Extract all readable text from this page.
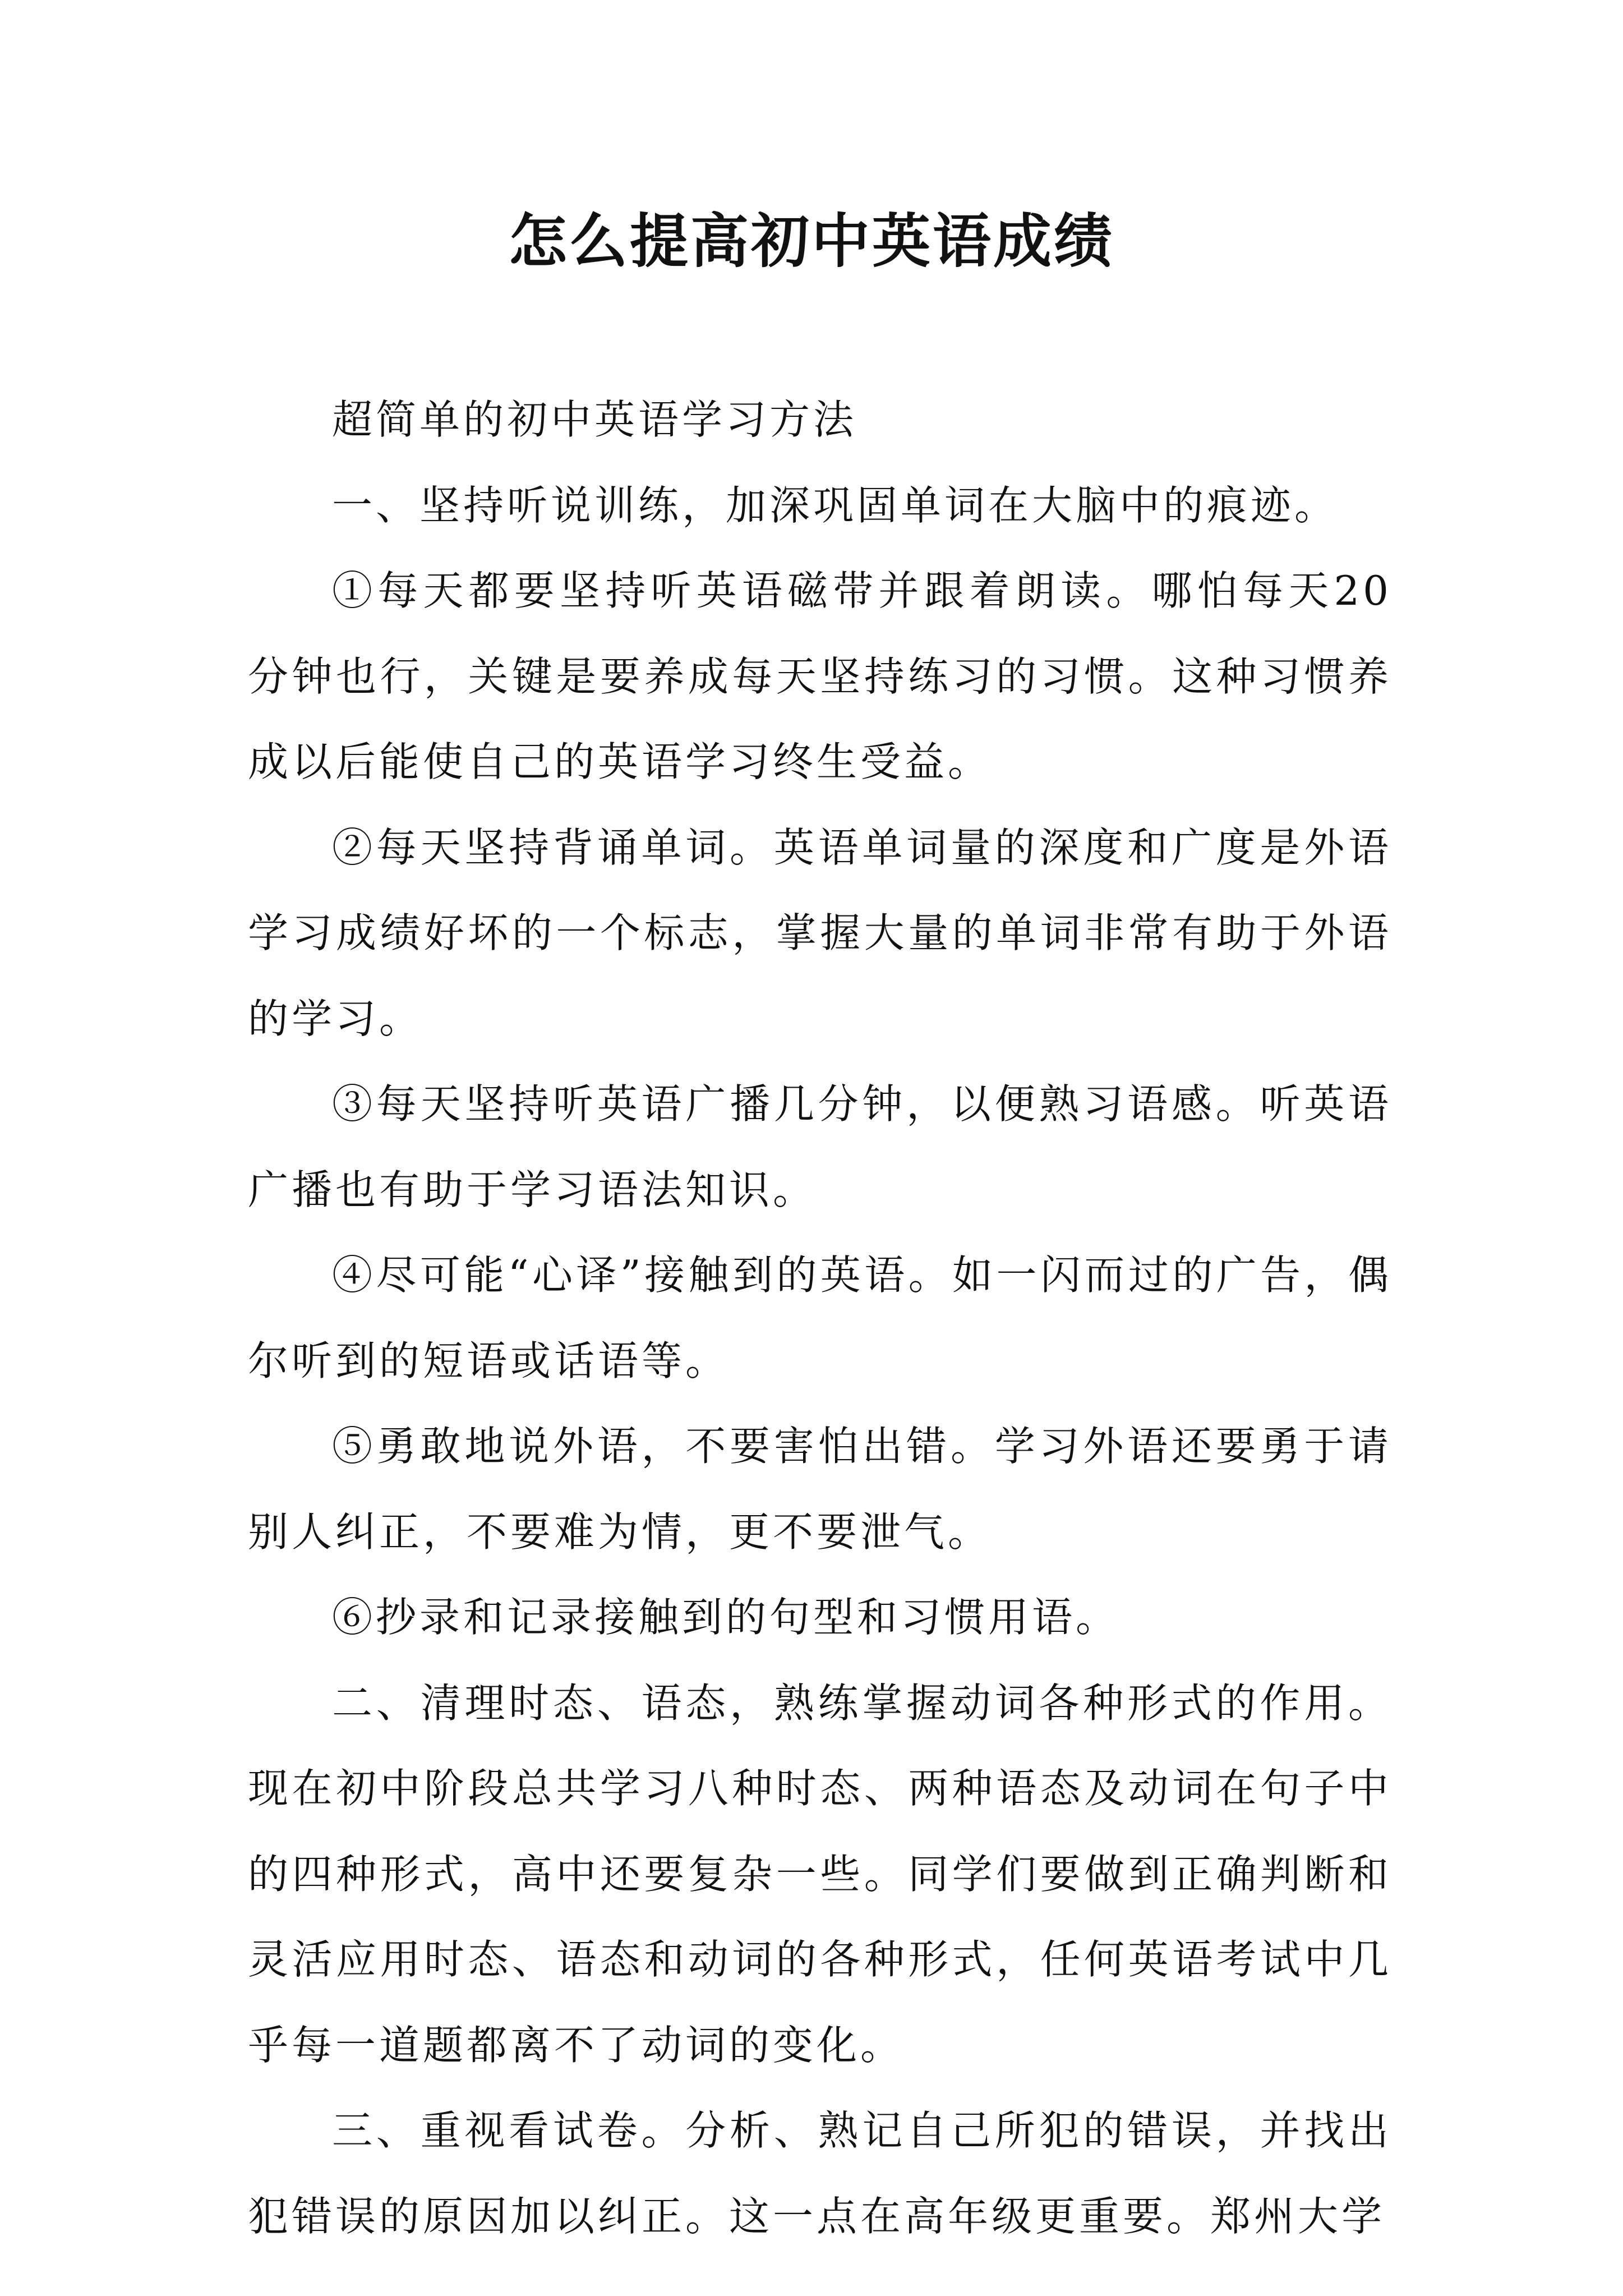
怎么提高初中英语成绩

超简单的初中英语学习方法

一、坚持听说训练，加深巩固单词在大脑中的痕迹。

①每天都要坚持听英语磁带并跟着朗读。哪怕每天20分钟也行，关键是要养成每天坚持练习的习惯。这种习惯养成以后能使自己的英语学习终生受益。

②每天坚持背诵单词。英语单词量的深度和广度是外语学习成绩好坏的一个标志，掌握大量的单词非常有助于外语的学习。

③每天坚持听英语广播几分钟，以便熟习语感。听英语广播也有助于学习语法知识。

④尽可能“心译”接触到的英语。如一闪而过的广告，偶尔听到的短语或话语等。

⑤勇敢地说外语，不要害怕出错。学习外语还要勇于请别人纠正，不要难为情，更不要泄气。

⑥抄录和记录接触到的句型和习惯用语。

二、清理时态、语态，熟练掌握动词各种形式的作用。现在初中阶段总共学习八种时态、两种语态及动词在句子中的四种形式，高中还要复杂一些。同学们要做到正确判断和灵活应用时态、语态和动词的各种形式，任何英语考试中几乎每一道题都离不了动词的变化。

三、重视看试卷。分析、熟记自己所犯的错误，并找出犯错误的原因加以纠正。这一点在高年级更重要。郑州大学
